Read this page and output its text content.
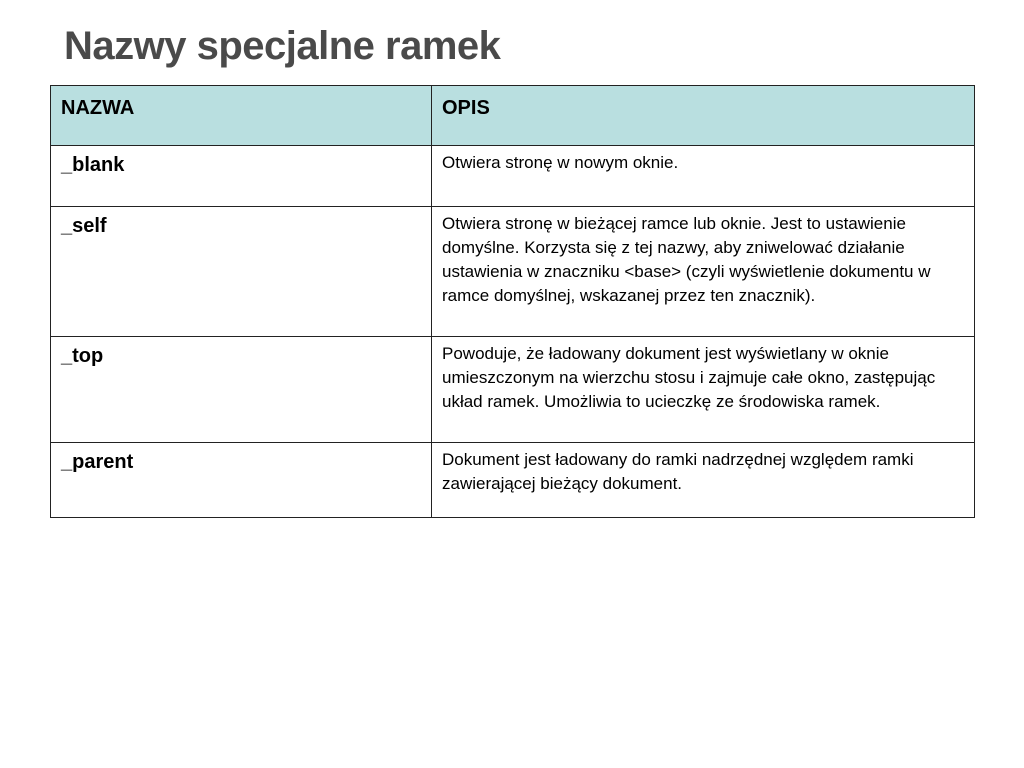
Nazwy specjalne ramek
NAZWA	OPIS
_blank	Otwiera stronę w nowym oknie.
_self	Otwiera stronę w bieżącej ramce lub oknie. Jest to ustawienie domyślne. Korzysta się z tej nazwy, aby zniwelować działanie ustawienia w znaczniku <base> (czyli wyświetlenie dokumentu w ramce domyślnej, wskazanej przez ten znacznik).
_top	Powoduje, że ładowany dokument jest wyświetlany w oknie umieszczonym na wierzchu stosu i zajmuje całe okno, zastępując układ ramek. Umożliwia to ucieczkę ze środowiska ramek.
_parent	Dokument jest ładowany do ramki nadrzędnej względem ramki zawierającej bieżący dokument.
